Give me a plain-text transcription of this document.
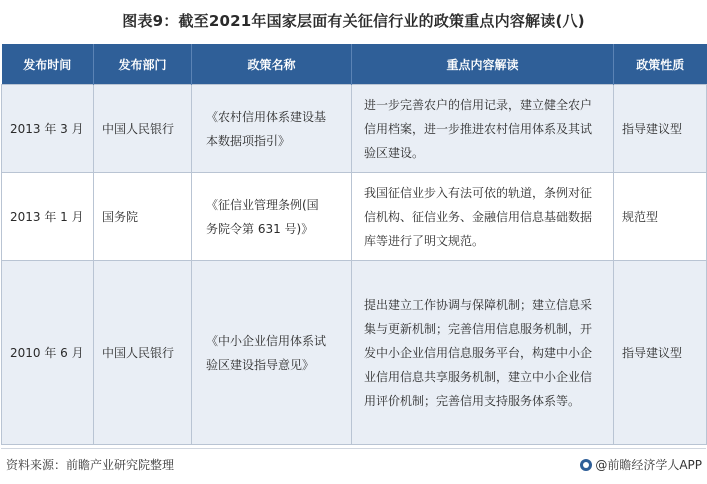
图表9：截至2021年国家层面有关征信行业的政策重点内容解读(八)
发布时间	发布部门	政策名称	重点内容解读	政策性质
2013 年 3 月	中国人民银行	《农村信用体系建设基本数据项指引》	进一步完善农户的信用记录，建立健全农户信用档案，进一步推进农村信用体系及其试验区建设。	指导建议型
2013 年 1 月	国务院	《征信业管理条例(国务院令第 631 号)》	我国征信业步入有法可依的轨道，条例对征信机构、征信业务、金融信用信息基础数据库等进行了明文规范。	规范型
2010 年 6 月	中国人民银行	《中小企业信用体系试验区建设指导意见》	提出建立工作协调与保障机制；建立信息采集与更新机制；完善信用信息服务机制，开发中小企业信用信息服务平台，构建中小企业信用信息共享服务机制，建立中小企业信用评价机制；完善信用支持服务体系等。	指导建议型
资料来源：前瞻产业研究院整理	@前瞻经济学人APP
